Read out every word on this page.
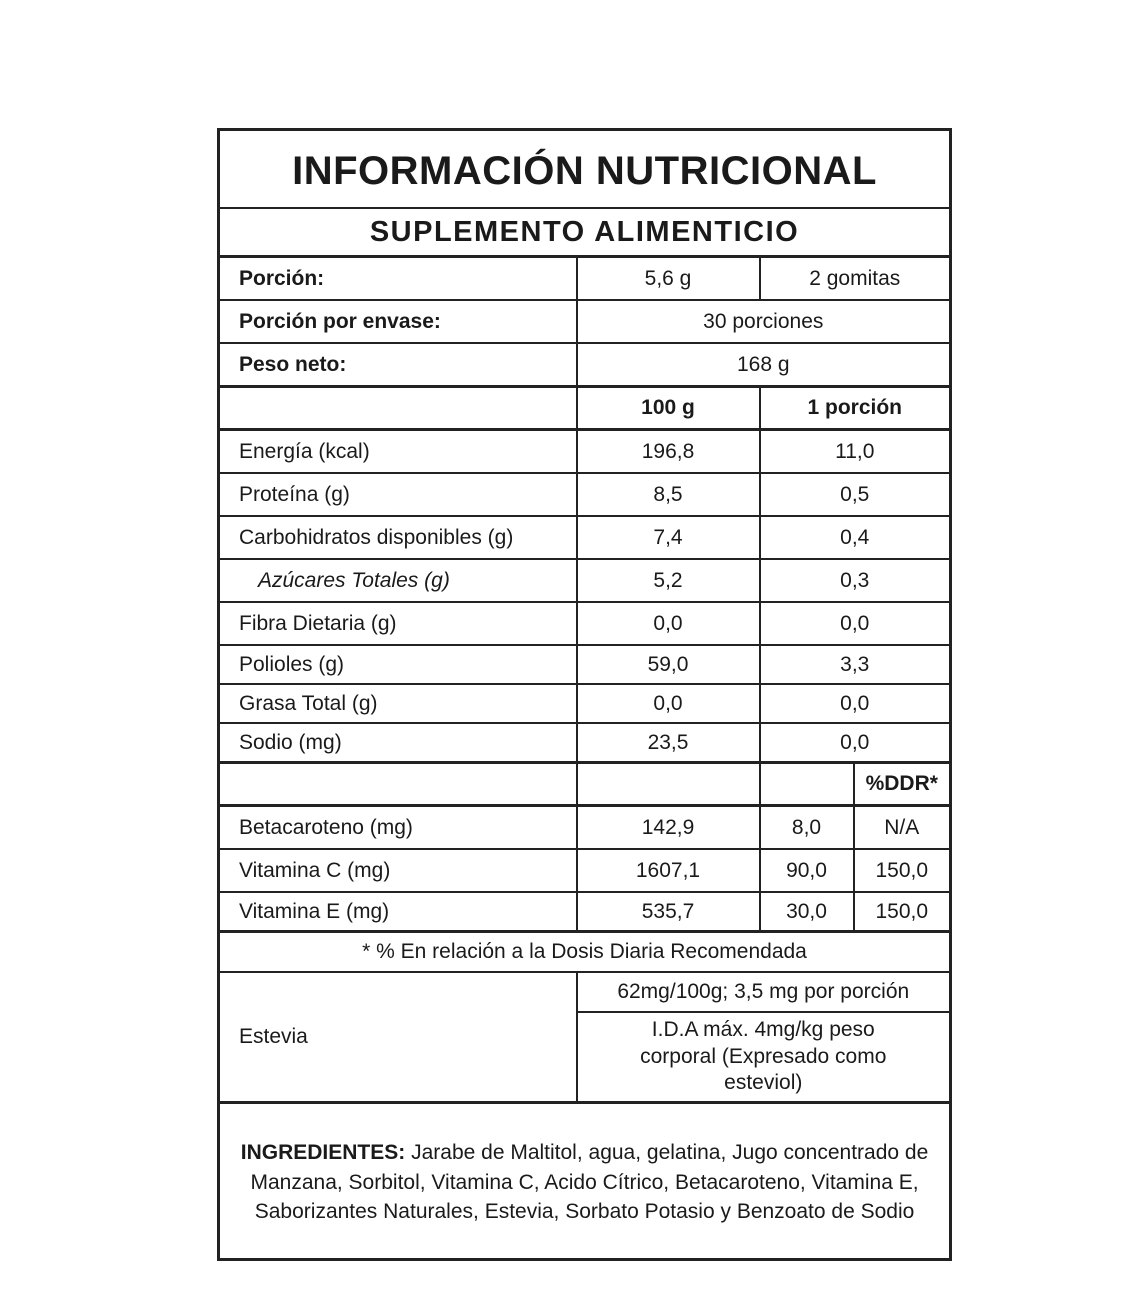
INFORMACIÓN NUTRICIONAL			
SUPLEMENTO ALIMENTICIO			
Porción:	5,6 g	2 gomitas	
Porción por envase:	30 porciones		
Peso neto:	168 g		
	100 g	1 porción	
Energía (kcal)	196,8	11,0	
Proteína (g)	8,5	0,5	
Carbohidratos disponibles (g)	7,4	0,4	
Azúcares Totales (g)	5,2	0,3	
Fibra Dietaria (g)	0,0	0,0	
Polioles (g)	59,0	3,3	
Grasa Total (g)	0,0	0,0	
Sodio (mg)	23,5	0,0	
			%DDR*
Betacaroteno (mg)	142,9	8,0	N/A
Vitamina C (mg)	1607,1	90,0	150,0
Vitamina E (mg)	535,7	30,0	150,0
* % En relación a la Dosis Diaria Recomendada			
Estevia	62mg/100g; 3,5 mg por porción		
	I.D.A máx. 4mg/kg peso corporal (Expresado como esteviol)		
INGREDIENTES: Jarabe de Maltitol, agua, gelatina, Jugo concentrado de Manzana, Sorbitol, Vitamina C, Acido Cítrico, Betacaroteno, Vitamina E, Saborizantes Naturales, Estevia, Sorbato Potasio y Benzoato de Sodio			
